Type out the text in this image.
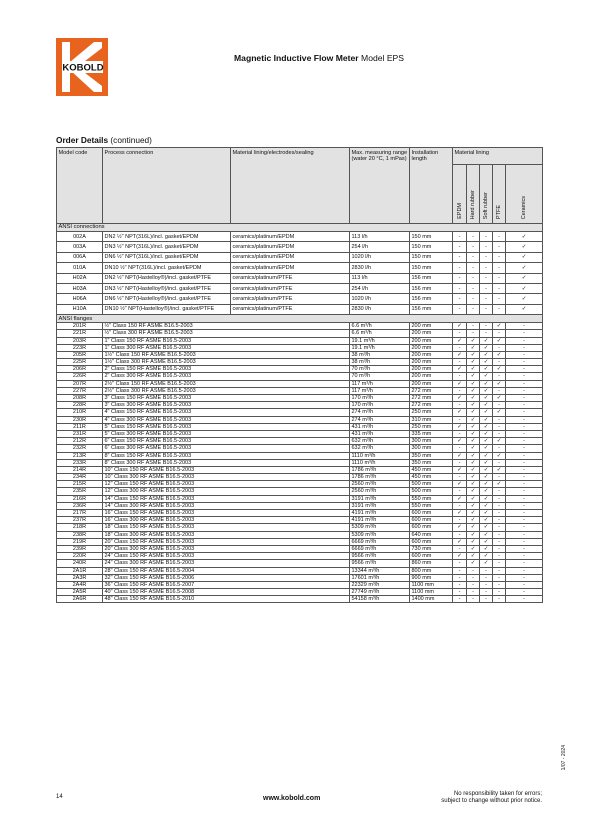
KOBOLD
Magnetic Inductive Flow Meter Model EPS
Order Details (continued)
Model code	Process connection	Material lining/electrodes/sealing	Max. measuring range (water 20 °C, 1 mPas)	Installation length	Material lining				
					EPDM	Hard rubber	Soft rubber	PTFE	Ceramics
ANSI connections									
002A	DN2 ½" NPT(316L)/incl. gasket/EPDM	ceramics/platinum/EPDM	113 l/h	150 mm	-	-	-	-	✓
003A	DN3 ½" NPT(316L)/incl. gasket/EPDM	ceramics/platinum/EPDM	254 l/h	150 mm	-	-	-	-	✓
006A	DN6 ½" NPT(316L)/incl. gasket/EPDM	ceramics/platinum/EPDM	1020 l/h	150 mm	-	-	-	-	✓
010A	DN10 ½" NPT(316L)/incl. gasket/EPDM	ceramics/platinum/EPDM	2830 l/h	150 mm	-	-	-	-	✓
H02A	DN2 ½" NPT(Hastelloy®)/incl. gasket/PTFE	ceramics/platinum/PTFE	113 l/h	156 mm	-	-	-	-	✓
H03A	DN3 ½" NPT(Hastelloy®)/incl. gasket/PTFE	ceramics/platinum/PTFE	254 l/h	156 mm	-	-	-	-	✓
H06A	DN6 ½" NPT(Hastelloy®)/incl. gasket/PTFE	ceramics/platinum/PTFE	1020 l/h	156 mm	-	-	-	-	✓
H10A	DN10 ½" NPT(Hastelloy®)/incl. gasket/PTFE	ceramics/platinum/PTFE	2830 l/h	156 mm	-	-	-	-	✓
ANSI flanges									
201R	½" Class 150 RF ASME B16.5-2003		6.6 m³/h	200 mm	✓	-	-	✓	-
221R	½" Class 300 RF ASME B16.5-2003		6.6 m³/h	200 mm	-	-	-	-	-
203R	1" Class 150 RF ASME B16.5-2003		19.1 m³/h	200 mm	✓	✓	✓	✓	-
223R	1" Class 300 RF ASME B16.5-2003		19.1 m³/h	200 mm	-	✓	✓	-	-
205R	1½" Class 150 RF ASME B16.5-2003		38 m³/h	200 mm	✓	✓	✓	✓	-
225R	1½" Class 300 RF ASME B16.5-2003		38 m³/h	200 mm	-	✓	✓	-	-
206R	2" Class 150 RF ASME B16.5-2003		70 m³/h	200 mm	✓	✓	✓	✓	-
226R	2" Class 300 RF ASME B16.5-2003		70 m³/h	200 mm	-	✓	✓	-	-
207R	2½" Class 150 RF ASME B16.5-2003		117 m³/h	200 mm	✓	✓	✓	✓	-
227R	2½" Class 300 RF ASME B16.5-2003		117 m³/h	272 mm	-	✓	✓	-	-
208R	3" Class 150 RF ASME B16.5-2003		170 m³/h	272 mm	✓	✓	✓	✓	-
228R	3" Class 300 RF ASME B16.5-2003		170 m³/h	272 mm	-	✓	✓	-	-
210R	4" Class 150 RF ASME B16.5-2003		274 m³/h	250 mm	✓	✓	✓	✓	-
230R	4" Class 300 RF ASME B16.5-2003		274 m³/h	310 mm	-	✓	✓	-	-
211R	5" Class 150 RF ASME B16.5-2003		431 m³/h	250 mm	✓	✓	✓	-	-
231R	5" Class 300 RF ASME B16.5-2003		431 m³/h	335 mm	-	✓	✓	-	-
212R	6" Class 150 RF ASME B16.5-2003		632 m³/h	300 mm	✓	✓	✓	✓	-
232R	6" Class 300 RF ASME B16.5-2003		632 m³/h	300 mm	-	✓	✓	-	-
213R	8" Class 150 RF ASME B16.5-2003		1110 m³/h	350 mm	✓	✓	✓	✓	-
233R	8" Class 300 RF ASME B16.5-2003		1110 m³/h	350 mm	-	✓	✓	-	-
214R	10" Class 150 RF ASME B16.5-2003		1786 m³/h	450 mm	✓	✓	✓	✓	-
234R	10" Class 300 RF ASME B16.5-2003		1786 m³/h	450 mm	-	✓	✓	-	-
215R	12" Class 150 RF ASME B16.5-2003		2560 m³/h	500 mm	✓	✓	✓	✓	-
235R	12" Class 300 RF ASME B16.5-2003		2560 m³/h	500 mm	-	✓	✓	-	-
216R	14" Class 150 RF ASME B16.5-2003		3191 m³/h	550 mm	✓	✓	✓	-	-
236R	14" Class 300 RF ASME B16.5-2003		3191 m³/h	550 mm	-	✓	✓	-	-
217R	16" Class 150 RF ASME B16.5-2003		4191 m³/h	600 mm	✓	✓	✓	-	-
237R	16" Class 300 RF ASME B16.5-2003		4191 m³/h	600 mm	-	✓	✓	-	-
218R	18" Class 150 RF ASME B16.5-2003		5309 m³/h	600 mm	✓	✓	✓	-	-
238R	18" Class 300 RF ASME B16.5-2003		5309 m³/h	640 mm	-	✓	✓	-	-
219R	20" Class 150 RF ASME B16.5-2003		6669 m³/h	600 mm	✓	✓	✓	-	-
239R	20" Class 300 RF ASME B16.5-2003		6669 m³/h	730 mm	-	✓	✓	-	-
220R	24" Class 150 RF ASME B16.5-2003		9566 m³/h	600 mm	✓	✓	✓	-	-
240R	24" Class 300 RF ASME B16.5-2003		9566 m³/h	860 mm	-	✓	✓	-	-
2A1R	28" Class 150 RF ASME B16.5-2004		13344 m³/h	800 mm	-	-	-	-	-
2A3R	32" Class 150 RF ASME B16.5-2006		17601 m³/h	900 mm	-	-	-	-	-
2A4R	36" Class 150 RF ASME B16.5-2007		22329 m³/h	1100 mm	-	-	-	-	-
2A5R	40" Class 150 RF ASME B16.5-2008		27749 m³/h	1100 mm	-	-	-	-	-
2A6R	48" Class 150 RF ASME B16.5-2010		54158 m³/h	1400 mm	-	-	-	-	-
14	www.kobold.com
No responsibility taken for errors;
subject to change without prior notice.
1/07 - 2024
